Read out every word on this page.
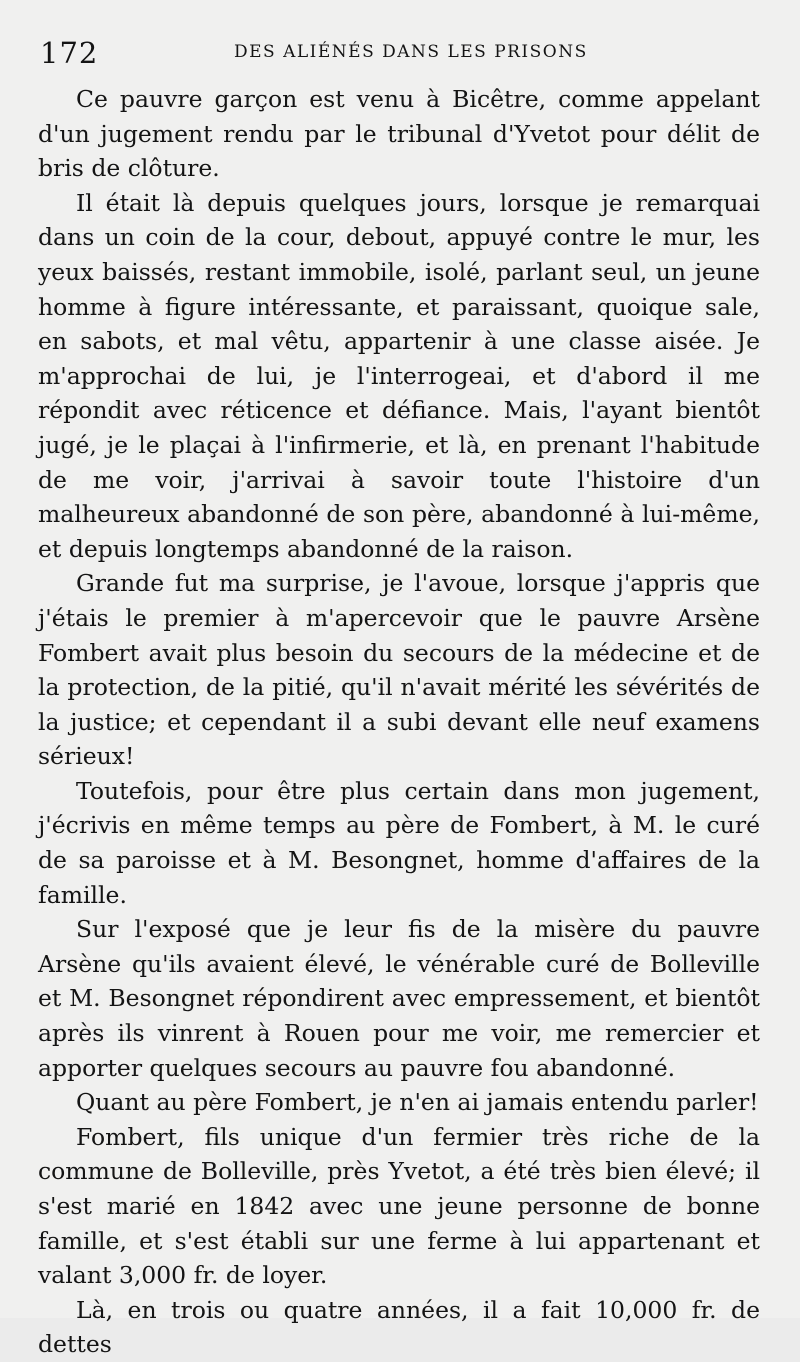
172	DES ALIÉNÉS DANS LES PRISONS

Ce pauvre garçon est venu à Bicêtre, comme appelant d'un jugement rendu par le tribunal d'Yvetot pour délit de bris de clôture.

Il était là depuis quelques jours, lorsque je remarquai dans un coin de la cour, debout, appuyé contre le mur, les yeux baissés, restant immobile, isolé, parlant seul, un jeune homme à figure intéressante, et paraissant, quoique sale, en sabots, et mal vêtu, appartenir à une classe aisée. Je m'approchai de lui, je l'interrogeai, et d'abord il me répondit avec réticence et défiance. Mais, l'ayant bientôt jugé, je le plaçai à l'infirmerie, et là, en prenant l'habitude de me voir, j'arrivai à savoir toute l'histoire d'un malheureux abandonné de son père, abandonné à lui-même, et depuis longtemps abandonné de la raison.

Grande fut ma surprise, je l'avoue, lorsque j'appris que j'étais le premier à m'apercevoir que le pauvre Arsène Fombert avait plus besoin du secours de la médecine et de la protection, de la pitié, qu'il n'avait mérité les sévérités de la justice; et cependant il a subi devant elle neuf examens sérieux!

Toutefois, pour être plus certain dans mon jugement, j'écrivis en même temps au père de Fombert, à M. le curé de sa paroisse et à M. Besongnet, homme d'affaires de la famille.

Sur l'exposé que je leur fis de la misère du pauvre Arsène qu'ils avaient élevé, le vénérable curé de Bolleville et M. Besongnet répondirent avec empressement, et bientôt après ils vinrent à Rouen pour me voir, me remercier et apporter quelques secours au pauvre fou abandonné.

Quant au père Fombert, je n'en ai jamais entendu parler!

Fombert, fils unique d'un fermier très riche de la commune de Bolleville, près Yvetot, a été très bien élevé; il s'est marié en 1842 avec une jeune personne de bonne famille, et s'est établi sur une ferme à lui appartenant et valant 3,000 fr. de loyer.

Là, en trois ou quatre années, il a fait 10,000 fr. de dettes
